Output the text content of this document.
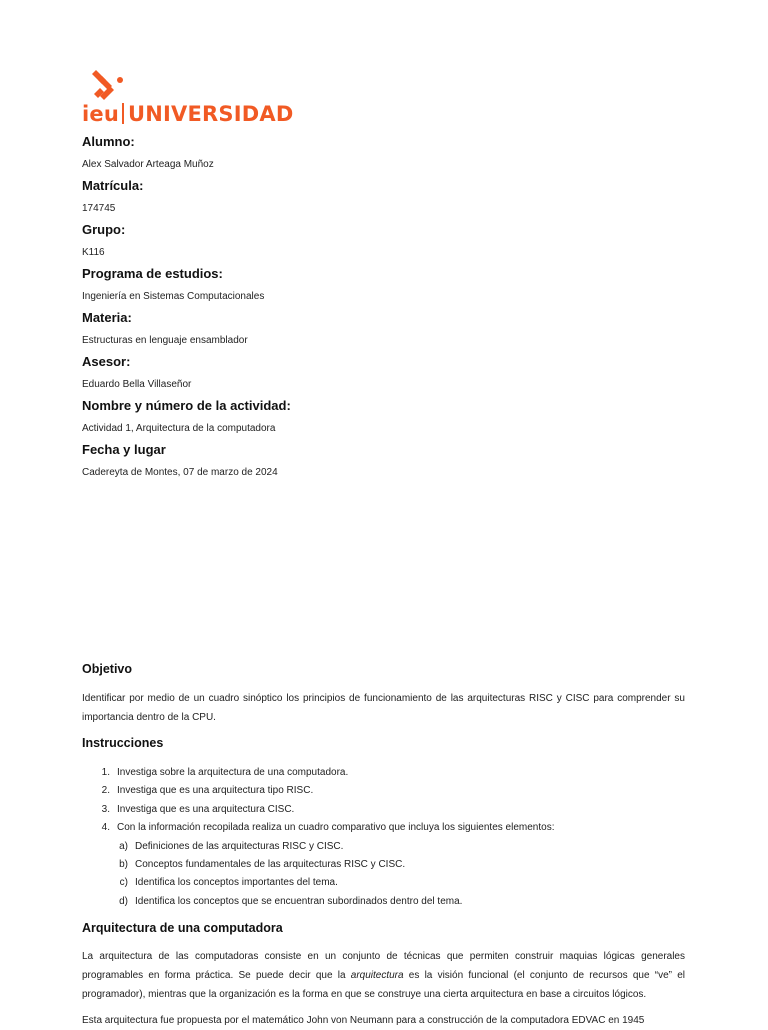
ieu UNIVERSIDAD
Alumno:
Alex Salvador Arteaga Muñoz
Matrícula:
174745
Grupo:
K116
Programa de estudios:
Ingeniería en Sistemas Computacionales
Materia:
Estructuras en lenguaje ensamblador
Asesor:
Eduardo Bella Villaseñor
Nombre y número de la actividad:
Actividad 1, Arquitectura de la computadora
Fecha y lugar
Cadereyta de Montes, 07 de marzo de 2024
Objetivo
Identificar por medio de un cuadro sinóptico los principios de funcionamiento de las arquitecturas RISC y CISC para comprender su importancia dentro de la CPU.
Instrucciones
1. Investiga sobre la arquitectura de una computadora.
2. Investiga que es una arquitectura tipo RISC.
3. Investiga que es una arquitectura CISC.
4. Con la información recopilada realiza un cuadro comparativo que incluya los siguientes elementos:
a) Definiciones de las arquitecturas RISC y CISC.
b) Conceptos fundamentales de las arquitecturas RISC y CISC.
c) Identifica los conceptos importantes del tema.
d) Identifica los conceptos que se encuentran subordinados dentro del tema.
Arquitectura de una computadora
La arquitectura de las computadoras consiste en un conjunto de técnicas que permiten construir maquias lógicas generales programables en forma práctica. Se puede decir que la arquitectura es la visión funcional (el conjunto de recursos que “ve” el programador), mientras que la organización es la forma en que se construye una cierta arquitectura en base a circuitos lógicos.
Esta arquitectura fue propuesta por el matemático John von Neumann para a construcción de la computadora EDVAC en 1945
